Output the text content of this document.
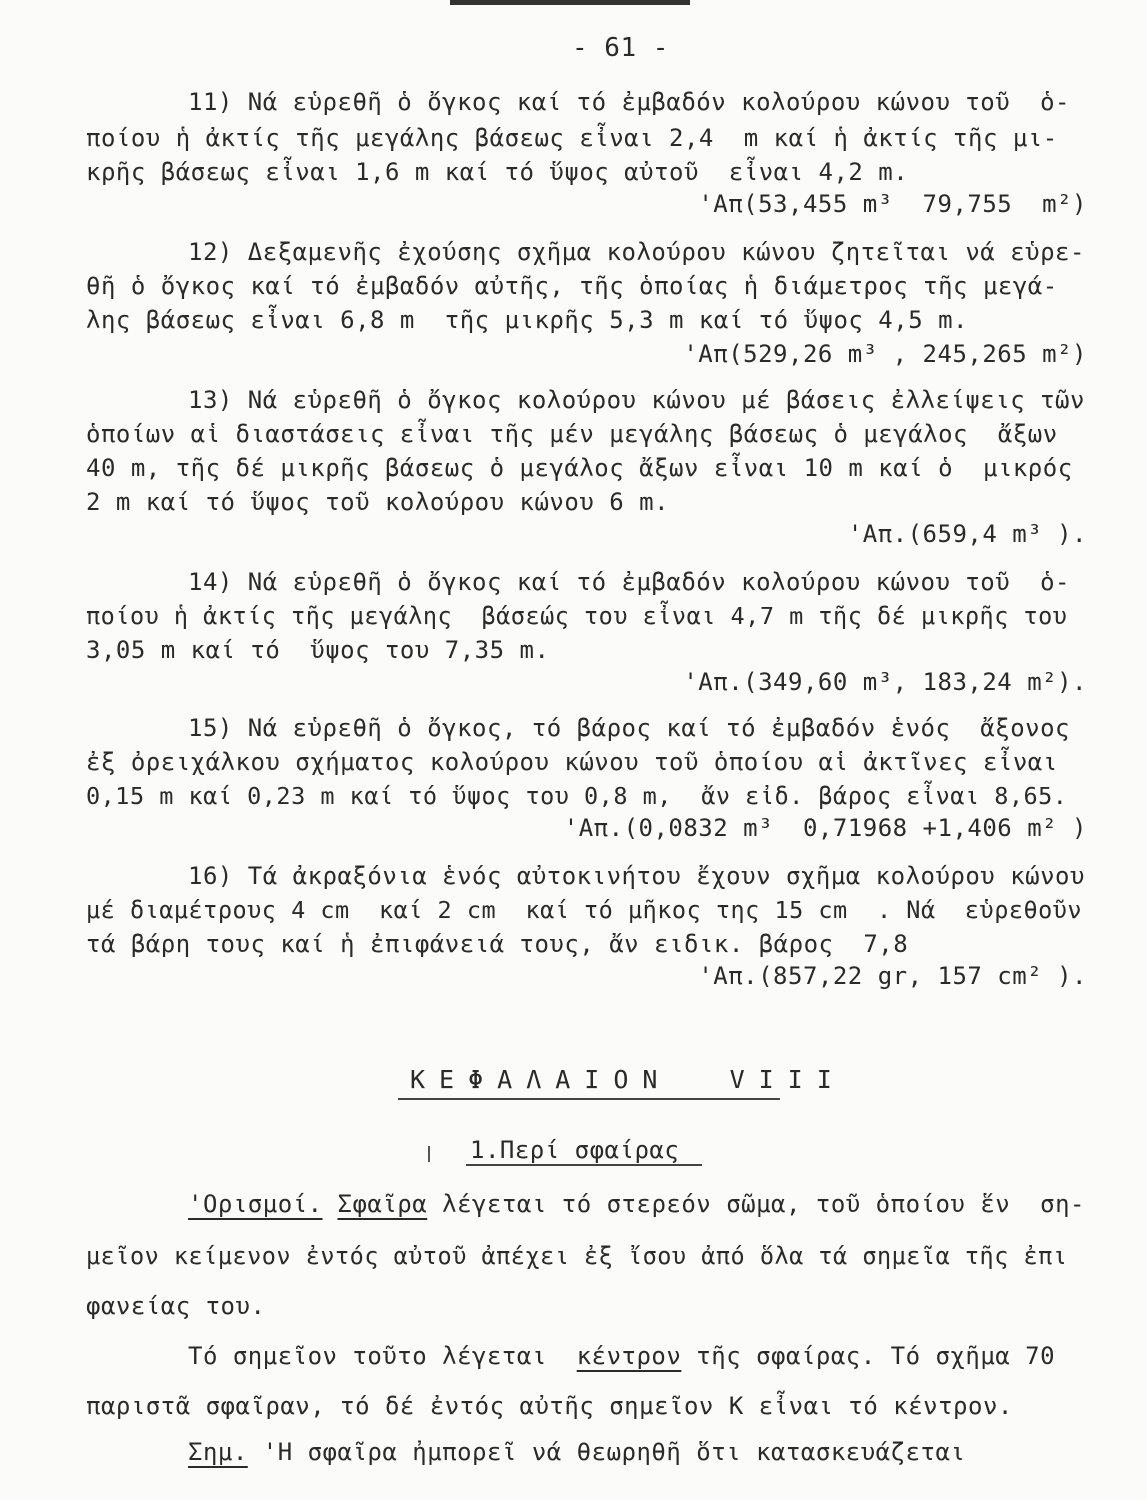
- 61 -
11) Νά εὑρεθῆ ὁ ὄγκος καί τό ἐμβαδόν κολούρου κώνου τοῦ  ὁ-
ποίου ἡ ἀκτίς τῆς μεγάλης βάσεως εἶναι 2,4  m καί ἡ ἀκτίς τῆς μι-
κρῆς βάσεως εἶναι 1,6 m καί τό ὕψος αὐτοῦ  εἶναι 4,2 m.
'Απ(53,455 m³  79,755  m²)
12) Δεξαμενῆς ἐχούσης σχῆμα κολούρου κώνου ζητεῖται νά εὑρε-
θῆ ὁ ὄγκος καί τό ἐμβαδόν αὐτῆς, τῆς ὁποίας ἡ διάμετρος τῆς μεγά-
λης βάσεως εἶναι 6,8 m  τῆς μικρῆς 5,3 m καί τό ὕψος 4,5 m.
'Απ(529,26 m³ , 245,265 m²)
13) Νά εὑρεθῆ ὁ ὄγκος κολούρου κώνου μέ βάσεις ἐλλείψεις τῶν
ὁποίων αἱ διαστάσεις εἶναι τῆς μέν μεγάλης βάσεως ὁ μεγάλος  ἄξων
40 m, τῆς δέ μικρῆς βάσεως ὁ μεγάλος ἄξων εἶναι 10 m καί ὁ  μικρός
2 m καί τό ὕψος τοῦ κολούρου κώνου 6 m.
'Απ.(659,4 m³ ).
14) Νά εὑρεθῆ ὁ ὄγκος καί τό ἐμβαδόν κολούρου κώνου τοῦ  ὁ-
ποίου ἡ ἀκτίς τῆς μεγάλης  βάσεώς του εἶναι 4,7 m τῆς δέ μικρῆς του
3,05 m καί τό  ὕψος του 7,35 m.
'Απ.(349,60 m³, 183,24 m²).
15) Νά εὑρεθῆ ὁ ὄγκος, τό βάρος καί τό ἐμβαδόν ἑνός  ἄξονος
ἐξ ὀρειχάλκου σχήματος κολούρου κώνου τοῦ ὁποίου αἱ ἀκτῖνες εἶναι
0,15 m καί 0,23 m καί τό ὕψος του 0,8 m,  ἄν εἰδ. βάρος εἶναι 8,65.
'Απ.(0,0832 m³  0,71968 +1,406 m² )
16) Τά ἀκραξόνια ἑνός αὐτοκινήτου ἔχουν σχῆμα κολούρου κώνου
μέ διαμέτρους 4 cm  καί 2 cm  καί τό μῆκος της 15 cm  . Νά  εὑρεθοῦν
τά βάρη τους καί ἡ ἐπιφάνειά τους, ἄν ειδικ. βάρος  7,8
'Απ.(857,22 gr, 157 cm² ).
ΚΕΦΑΛΑΙΟΝ  VIII
1.Περί σφαίρας
'Ορισμοί. Σφαῖρα λέγεται τό στερεόν σῶμα, τοῦ ὁποίου ἕν  ση-
μεῖον κείμενον ἐντός αὐτοῦ ἀπέχει ἐξ ἴσου ἀπό ὅλα τά σημεῖα τῆς ἐπι
φανείας του.
Τό σημεῖον τοῦτο λέγεται  κέντρον τῆς σφαίρας. Τό σχῆμα 70
παριστᾶ σφαῖραν, τό δέ ἐντός αὐτῆς σημεῖον Κ εἶναι τό κέντρον.
Σημ. 'Η σφαῖρα ἠμπορεῖ νά θεωρηθῆ ὅτι κατασκευάζεται
